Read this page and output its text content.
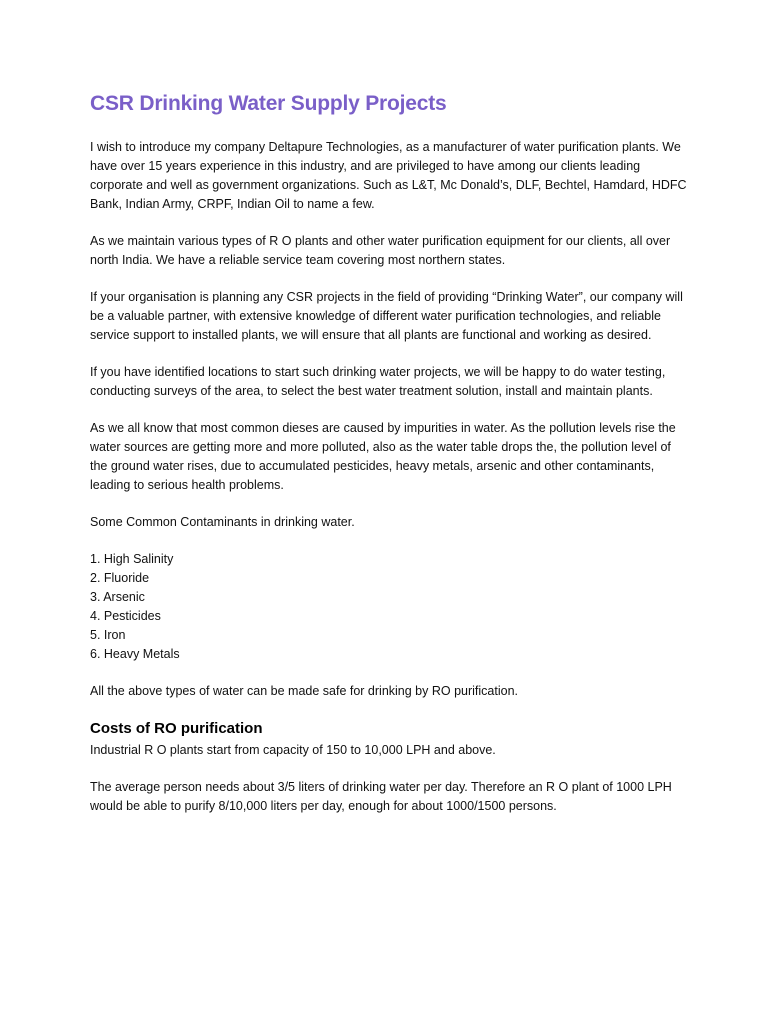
CSR Drinking Water Supply Projects

I wish to introduce my company Deltapure Technologies, as a manufacturer of water purification plants. We have over 15 years experience in this industry, and are privileged to have among our clients leading corporate and well as government organizations. Such as L&T, Mc Donald’s, DLF, Bechtel, Hamdard, HDFC Bank, Indian Army, CRPF, Indian Oil to name a few.

As we maintain various types of R O plants and other water purification equipment for our clients, all over north India. We have a reliable service team covering most northern states.

If your organisation is planning any CSR projects in the field of providing “Drinking Water”, our company will be a valuable partner, with extensive knowledge of different water purification technologies, and reliable service support to installed plants, we will ensure that all plants are functional and working as desired.

If you have identified locations to start such drinking water projects, we will be happy to do water testing, conducting surveys of the area, to select the best water treatment solution, install and maintain plants.

As we all know that most common dieses are caused by impurities in water. As the pollution levels rise the water sources are getting more and more polluted, also as the water table drops the, the pollution level of the ground water rises, due to accumulated pesticides, heavy metals, arsenic and other contaminants, leading to serious health problems.

Some Common Contaminants in drinking water.

1. High Salinity
2. Fluoride
3. Arsenic
4. Pesticides
5. Iron
6. Heavy Metals

All the above types of water can be made safe for drinking by RO purification.

Costs of RO purification

Industrial R O plants start from capacity of 150 to 10,000 LPH and above.

The average person needs about 3/5 liters of drinking water per day. Therefore an R O plant of 1000 LPH would be able to purify 8/10,000 liters per day, enough for about 1000/1500 persons.
